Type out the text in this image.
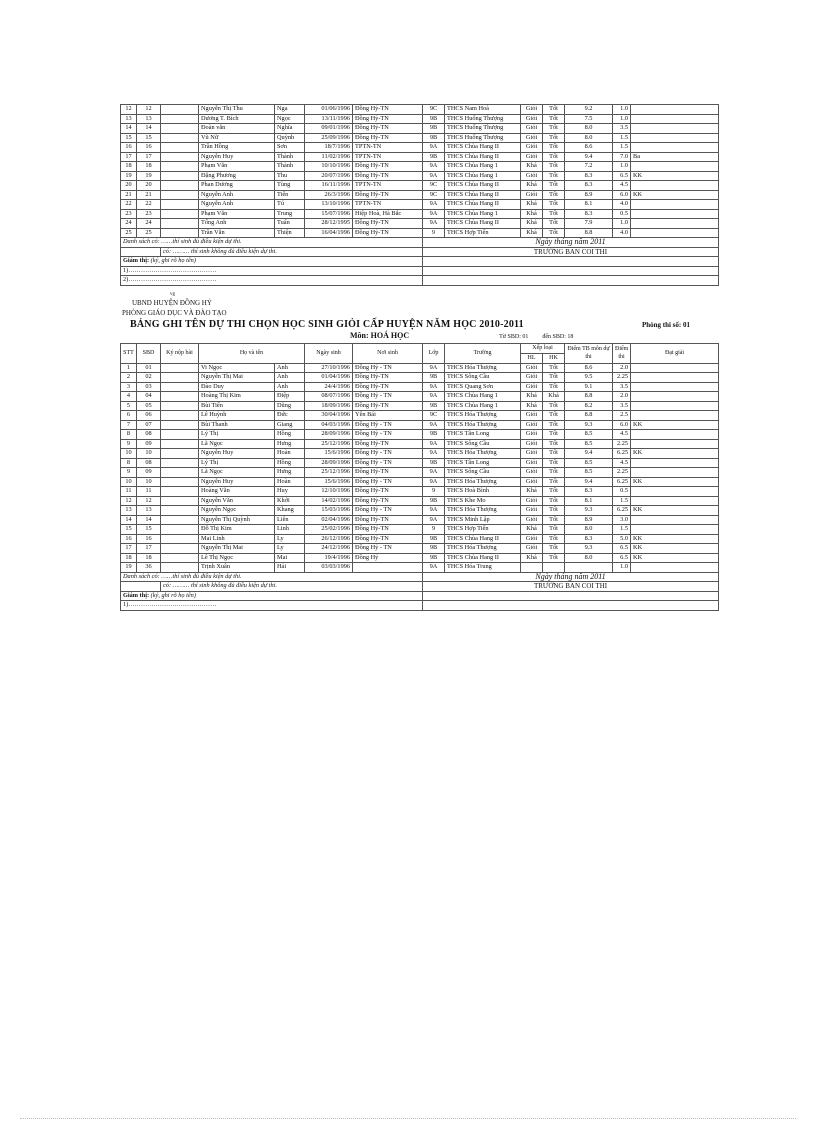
12	12		Nguyễn Thị Thu	Nga	01/06/1996	Đồng Hỷ-TN	9C	THCS Nam Hoà	Giỏi	Tốt	9.2	1.0	
13	13		Dương T. Bích	Ngọc	13/11/1996	Đồng Hỷ-TN	9B	THCS Huống Thượng	Giỏi	Tốt	7.5	1.0	
14	14		Đoàn văn	Nghĩa	09/01/1996	Đồng Hỷ-TN	9B	THCS Huống Thượng	Giỏi	Tốt	8.0	3.5	
15	15		Vũ Nữ	Quỳnh	25/09/1996	Đồng Hỷ-TN	9B	THCS Huống Thượng	Giỏi	Tốt	8.0	1.5	
16	16		Trần Hồng	Sơn	18/7/1996	TPTN-TN	9A	THCS Chùa Hang II	Giỏi	Tốt	8.6	1.5	
17	17		Nguyễn Huy	Thành	11/02/1996	TPTN-TN	9B	THCS Chùa Hang II	Giỏi	Tốt	9.4	7.0	Ba
18	18		Phạm Văn	Thành	10/10/1996	Đồng Hỷ-TN	9A	THCS Chùa Hang 1	Khá	Tốt	7.2	1.0	
19	19		Đặng Phương	Thu	20/07/1996	Đồng Hỷ-TN	9A	THCS Chùa Hang 1	Giỏi	Tốt	8.3	6.5	KK
20	20		Phan Dương	Tùng	16/11/1996	TPTN-TN	9C	THCS Chùa Hang II	Khá	Tốt	8.3	4.5	
21	21		Nguyễn Anh	Tiến	26/3/1996	Đồng Hỷ-TN	9C	THCS Chùa Hang II	Giỏi	Tốt	8.9	6.0	KK
22	22		Nguyễn Anh	Tú	13/10/1996	TPTN-TN	9A	THCS Chùa Hang II	Khá	Tốt	8.1	4.0	
23	23		Phạm Văn	Trung	15/07/1996	Hiệp Hoà, Hà Bắc	9A	THCS Chùa Hang 1	Khá	Tốt	8.3	0.5	
24	24		Tống Anh	Tuấn	28/12/1995	Đồng Hỷ-TN	9A	THCS Chùa Hang II	Khá	Tốt	7.9	1.0	
25	25		Trần Văn	Thiện	16/04/1996	Đồng Hỷ-TN	9	THCS Hợp Tiến	Khá	Tốt	8.8	4.0	
Danh sách có: ……thí sinh đủ điều kiện dự thi.							Ngày tháng năm 2011						
		có: ……… thí sinh không đủ điều kiện dự thi.					TRƯỞNG BAN COI THI						
Giám thị: (ký, ghi rõ họ tên)													
1)……………………………………													
2)……………………………………													
vg
UBND HUYỆN ĐỒNG HỶ
PHÒNG GIÁO DỤC VÀ ĐÀO TẠO
BẢNG GHI TÊN DỰ THI CHỌN HỌC SINH GIỎI CẤP HUYỆN NĂM HỌC 2010-2011	Phòng thi số: 01
Môn: HOÁ HỌC	Từ SBD: 01 đến SBD: 18
STT	SBD	Ký nộp bài	Họ và tên		Ngày sinh	Nơi sinh	Lớp	Trường	Xếp loại		Điểm TB môn dự thi	Điểm thi	Đạt giải
									HL	HK			
1	01		Vi Ngọc	Anh	27/10/1996	Đồng Hỷ - TN	9A	THCS Hóa Thượng	Giỏi	Tốt	8.6	2.0	
2	02		Nguyễn Thị Mai	Anh	01/04/1996	Đồng Hỷ-TN	9B	THCS Sông Cầu	Giỏi	Tốt	9.5	2.25	
3	03		Đào Duy	Anh	24/4/1996	Đồng Hỷ-TN	9A	THCS Quang Sơn	Giỏi	Tốt	9.1	3.5	
4	04		Hoàng Thị Kim	Điệp	08/07/1996	Đồng Hỷ - TN	9A	THCS Chùa Hang 1	Khá	Khá	8.8	2.0	
5	05		Bùi Tiến	Dũng	18/09/1996	Đồng Hỷ-TN	9B	THCS Chùa Hang 1	Khá	Tốt	8.2	3.5	
6	06		Lê Huỳnh	Đức	30/04/1996	Yên Bái	9C	THCS Hóa Thượng	Giỏi	Tốt	8.8	2.5	
7	07		Bùi Thanh	Giang	04/03/1996	Đồng Hỷ - TN	9A	THCS Hóa Thượng	Giỏi	Tốt	9.3	6.0	KK
8	08		Lý Thị	Hồng	28/09/1996	Đồng Hỷ - TN	9B	THCS Tân Long	Giỏi	Tốt	8.5	4.5	
9	09		Lã Ngọc	Hưng	25/12/1996	Đồng Hỷ-TN	9A	THCS Sông Cầu	Giỏi	Tốt	8.5	2.25	
10	10		Nguyễn Huy	Hoàn	15/6/1996	Đồng Hỷ - TN	9A	THCS Hóa Thượng	Giỏi	Tốt	9.4	6.25	KK
8	08		Lý Thị	Hồng	28/09/1996	Đồng Hỷ - TN	9B	THCS Tân Long	Giỏi	Tốt	8.5	4.5	
9	09		Lã Ngọc	Hưng	25/12/1996	Đồng Hỷ-TN	9A	THCS Sông Cầu	Giỏi	Tốt	8.5	2.25	
10	10		Nguyễn Huy	Hoàn	15/6/1996	Đồng Hỷ - TN	9A	THCS Hóa Thượng	Giỏi	Tốt	9.4	6.25	KK
11	11		Hoàng Văn	Huy	12/10/1996	Đồng Hỷ-TN	9	THCS Hoà Bình	Khá	Tốt	8.3	0.5	
12	12		Nguyễn Văn	Khởi	14/02/1996	Đồng Hỷ-TN	9B	THCS Khe Mo	Giỏi	Tốt	8.1	1.5	
13	13		Nguyễn Ngọc	Khang	15/03/1996	Đồng Hỷ - TN	9A	THCS Hóa Thượng	Giỏi	Tốt	9.3	6.25	KK
14	14		Nguyễn Thị Quỳnh	Liên	02/04/1996	Đồng Hỷ-TN	9A	THCS Minh Lập	Giỏi	Tốt	8.9	3.0	
15	15		Đỗ Thị Kim	Linh	25/02/1996	Đồng Hỷ-TN	9	THCS Hợp Tiến	Khá	Tốt	8.0	1.5	
16	16		Mai Linh	Ly	26/12/1996	Đồng Hỷ-TN	9B	THCS Chùa Hang II	Giỏi	Tốt	8.3	5.0	KK
17	17		Nguyễn Thị Mai	Ly	24/12/1996	Đồng Hỷ - TN	9B	THCS Hóa Thượng	Giỏi	Tốt	9.3	6.5	KK
18	18		Lê Thị Ngọc	Mai	19/4/1996	Đồng Hỷ	9B	THCS Chùa Hang II	Khá	Tốt	8.0	6.5	KK
19	36		Trịnh Xuân	Hải	03/03/1996		9A	THCS Hóa Trung				1.0	
Danh sách có: ……thí sinh đủ điều kiện dự thi.							Ngày tháng năm 2011						
		có: ……… thí sinh không đủ điều kiện dự thi.					TRƯỞNG BAN COI THI						
Giám thị: (ký, ghi rõ họ tên)													
1)……………………………………													
